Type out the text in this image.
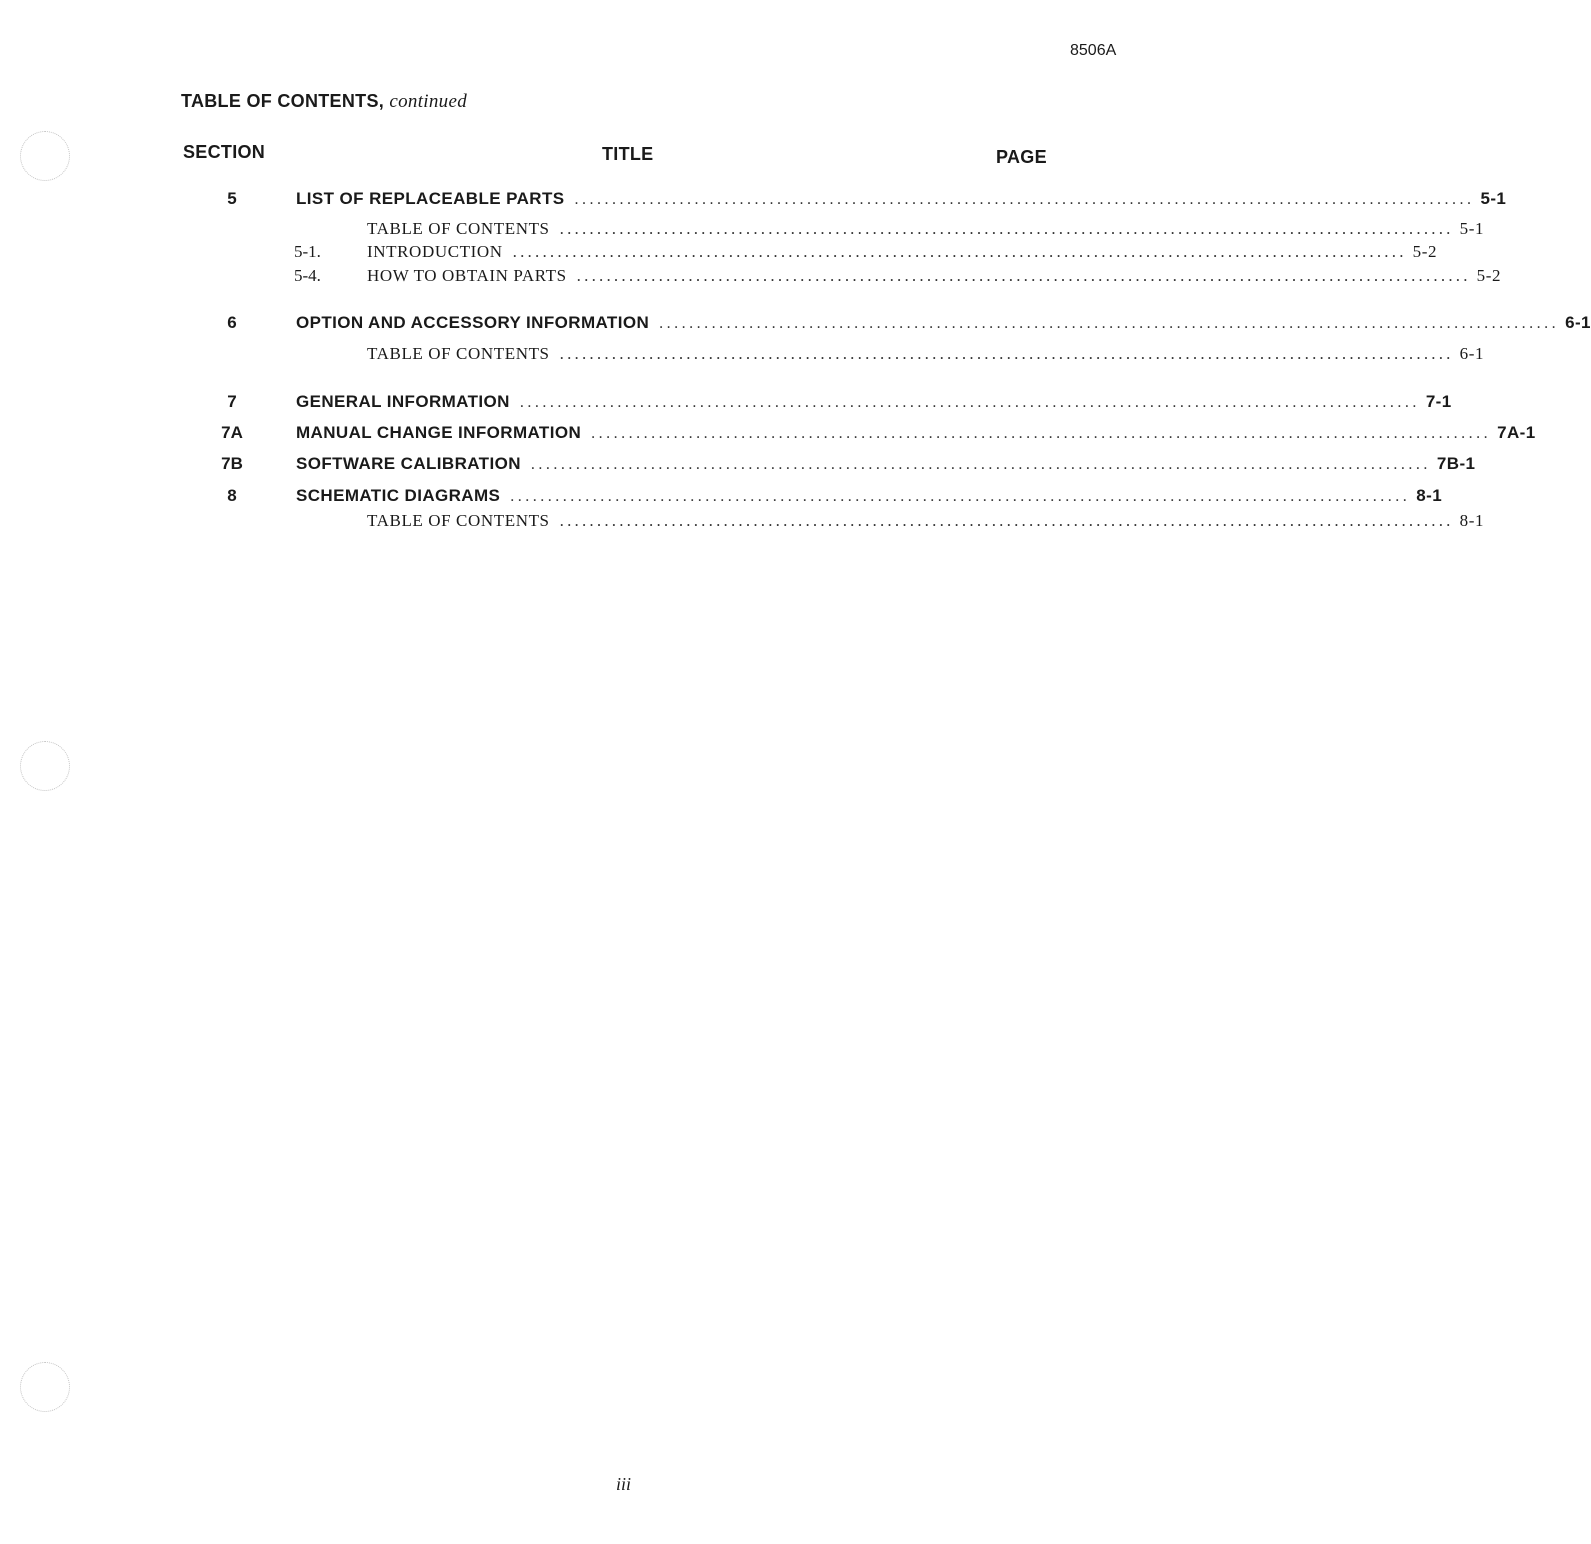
8506A
TABLE OF CONTENTS, continued
SECTION	TITLE	PAGE
5	LIST OF REPLACEABLE PARTS ........................................................................................................................ 5-1
TABLE OF CONTENTS ........................................................................................................................ 5-1
5-1.	INTRODUCTION ........................................................................................................................ 5-2
5-4.	HOW TO OBTAIN PARTS ........................................................................................................................ 5-2
6	OPTION AND ACCESSORY INFORMATION ........................................................................................................................ 6-1
TABLE OF CONTENTS ........................................................................................................................ 6-1
7	GENERAL INFORMATION ........................................................................................................................ 7-1
7A	MANUAL CHANGE INFORMATION ........................................................................................................................ 7A-1
7B	SOFTWARE CALIBRATION ........................................................................................................................ 7B-1
8	SCHEMATIC DIAGRAMS ........................................................................................................................ 8-1
TABLE OF CONTENTS ........................................................................................................................ 8-1
iii
